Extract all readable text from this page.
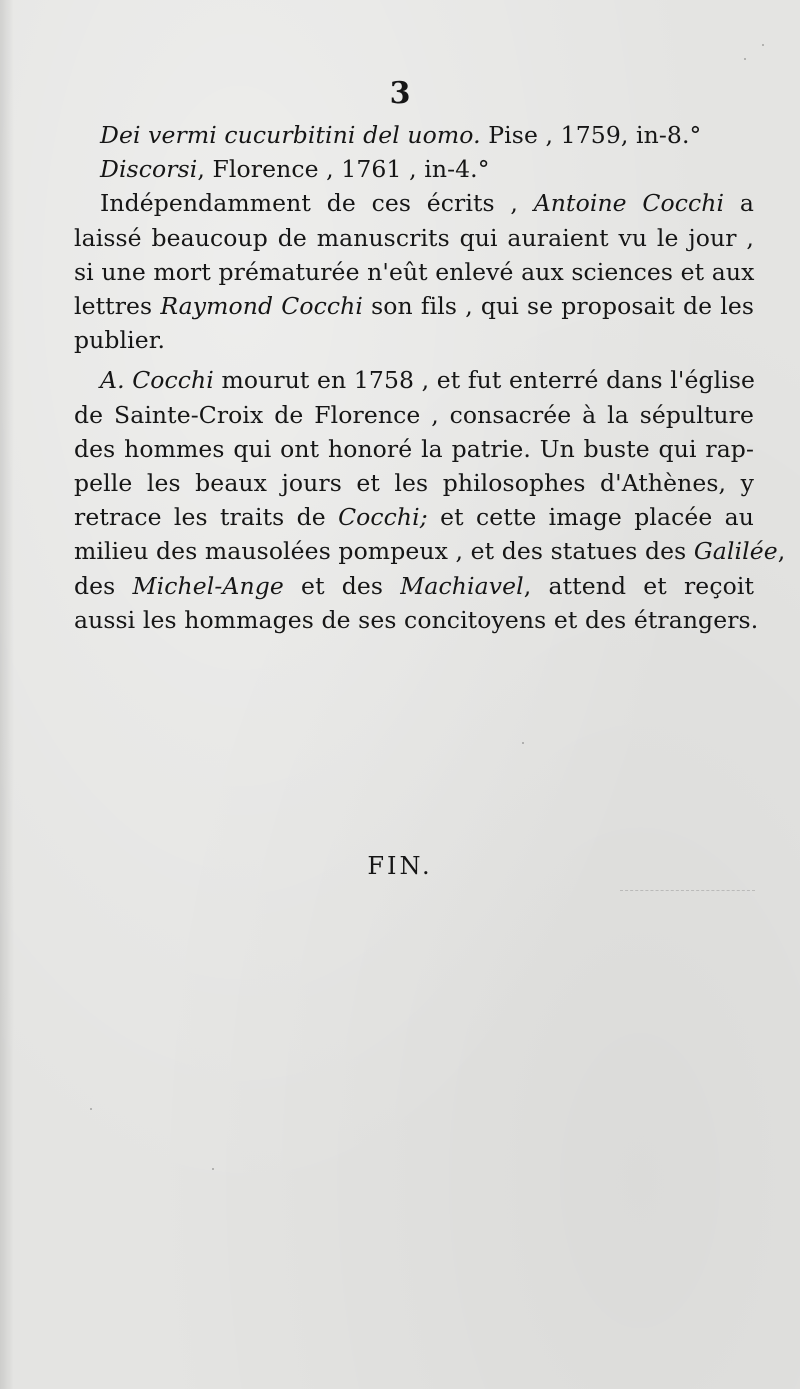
3
Dei vermi cucurbitini del uomo. Pise , 1759, in-8.°
Discorsi, Florence , 1761 , in-4.°
Indépendamment de ces écrits , Antoine Cocchi a
laissé beaucoup de manuscrits qui auraient vu le jour ,
si une mort prématurée n'eût enlevé aux sciences et aux
lettres Raymond Cocchi son fils , qui se proposait de les
publier.
A. Cocchi mourut en 1758 , et fut enterré dans l'église
de Sainte-Croix de Florence , consacrée à la sépulture
des hommes qui ont honoré la patrie. Un buste qui rap-
pelle les beaux jours et les philosophes d'Athènes, y
retrace les traits de Cocchi; et cette image placée au
milieu des mausolées pompeux , et des statues des Galilée,
des Michel-Ange et des Machiavel, attend et reçoit
aussi les hommages de ses concitoyens et des étrangers.
FIN.
